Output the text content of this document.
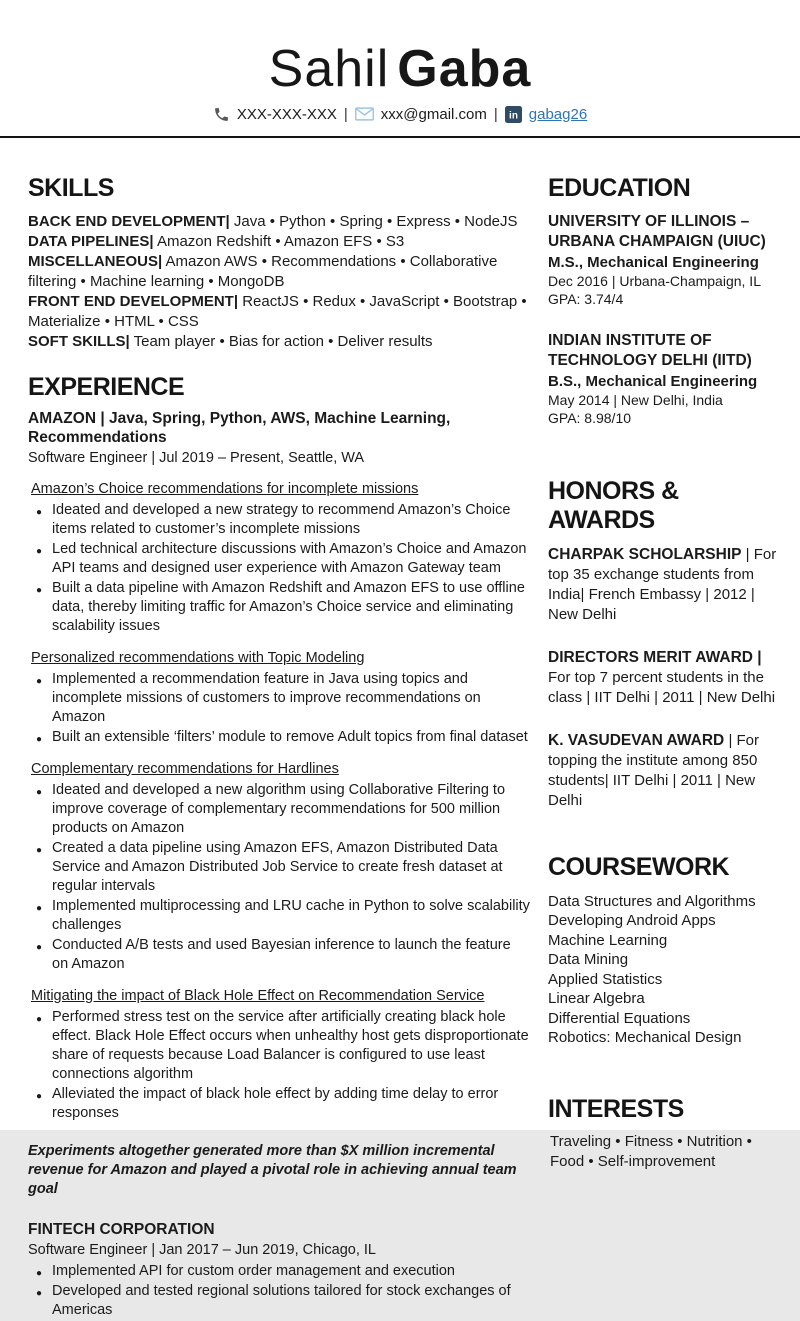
Sahil Gaba
XXX-XXX-XXX | xxx@gmail.com | in gabag26
SKILLS

BACK END DEVELOPMENT| Java • Python • Spring • Express • NodeJS

DATA PIPELINES| Amazon Redshift • Amazon EFS • S3

MISCELLANEOUS| Amazon AWS • Recommendations • Collaborative filtering • Machine learning • MongoDB

FRONT END DEVELOPMENT| ReactJS • Redux • JavaScript • Bootstrap • Materialize • HTML • CSS

SOFT SKILLS| Team player • Bias for action • Deliver results

EXPERIENCE
AMAZON | Java, Spring, Python, AWS, Machine Learning, Recommendations
Software Engineer | Jul 2019 – Present, Seattle, WA
Amazon’s Choice recommendations for incomplete missions
● Ideated and developed a new strategy to recommend Amazon’s Choice items related to customer’s incomplete missions
● Led technical architecture discussions with Amazon’s Choice and Amazon API teams and designed user experience with Amazon Gateway team
● Built a data pipeline with Amazon Redshift and Amazon EFS to use offline data, thereby limiting traffic for Amazon’s Choice service and eliminating scalability issues
Personalized recommendations with Topic Modeling
● Implemented a recommendation feature in Java using topics and incomplete missions of customers to improve recommendations on Amazon
● Built an extensible ‘filters’ module to remove Adult topics from final dataset
Complementary recommendations for Hardlines
● Ideated and developed a new algorithm using Collaborative Filtering to improve coverage of complementary recommendations for 500 million products on Amazon
● Created a data pipeline using Amazon EFS, Amazon Distributed Data Service and Amazon Distributed Job Service to create fresh dataset at regular intervals
● Implemented multiprocessing and LRU cache in Python to solve scalability challenges
● Conducted A/B tests and used Bayesian inference to launch the feature on Amazon
Mitigating the impact of Black Hole Effect on Recommendation Service
● Performed stress test on the service after artificially creating black hole effect. Black Hole Effect occurs when unhealthy host gets disproportionate share of requests because Load Balancer is configured to use least connections algorithm
● Alleviated the impact of black hole effect by adding time delay to error responses
Experiments altogether generated more than $X million incremental revenue for Amazon and played a pivotal role in achieving annual team goal
FINTECH CORPORATION
Software Engineer | Jan 2017 – Jun 2019, Chicago, IL
● Implemented API for custom order management and execution
● Developed and tested regional solutions tailored for stock exchanges of Americas
EDUCATION
UNIVERSITY OF ILLINOIS – URBANA CHAMPAIGN (UIUC)
M.S., Mechanical Engineering
Dec 2016 | Urbana-Champaign, IL
GPA: 3.74/4
INDIAN INSTITUTE OF TECHNOLOGY DELHI (IITD)
B.S., Mechanical Engineering
May 2014 | New Delhi, India
GPA: 8.98/10
HONORS & AWARDS
CHARPAK SCHOLARSHIP | For top 35 exchange students from India| French Embassy | 2012 | New Delhi
DIRECTORS MERIT AWARD | For top 7 percent students in the class | IIT Delhi | 2011 | New Delhi
K. VASUDEVAN AWARD | For topping the institute among 850 students| IIT Delhi | 2011 | New Delhi
COURSEWORK
Data Structures and Algorithms
Developing Android Apps
Machine Learning
Data Mining
Applied Statistics
Linear Algebra
Differential Equations
Robotics: Mechanical Design
INTERESTS
Traveling • Fitness • Nutrition • Food • Self-improvement
